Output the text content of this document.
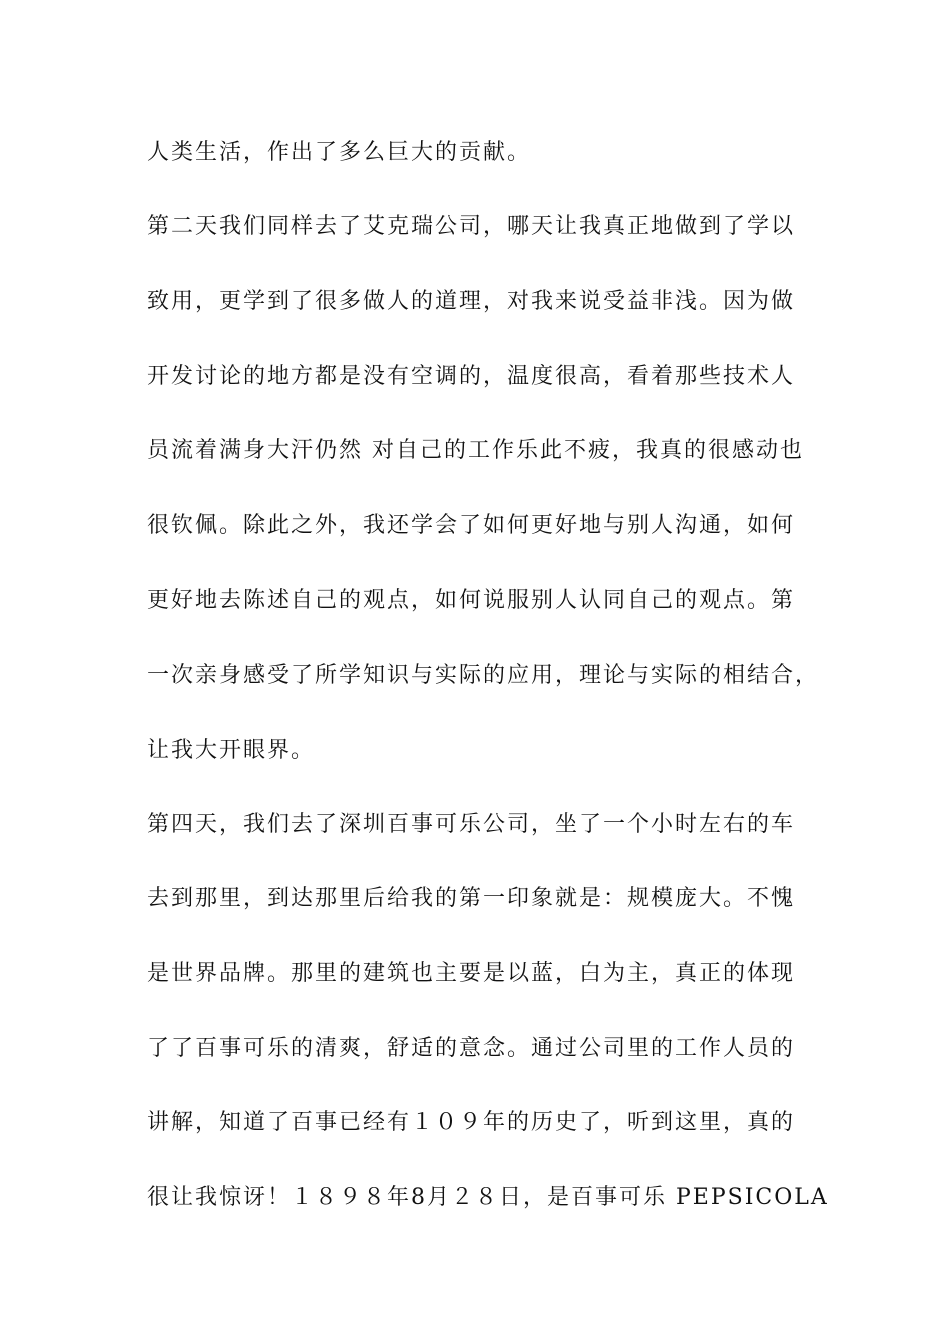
人类生活，作出了多么巨大的贡献。
第二天我们同样去了艾克瑞公司，哪天让我真正地做到了学以
致用，更学到了很多做人的道理，对我来说受益非浅。因为做
开发讨论的地方都是没有空调的，温度很高，看着那些技术人
员流着满身大汗仍然 对自己的工作乐此不疲，我真的很感动也
很钦佩。除此之外，我还学会了如何更好地与别人沟通，如何
更好地去陈述自己的观点，如何说服别人认同自己的观点。第
一次亲身感受了所学知识与实际的应用，理论与实际的相结合，
让我大开眼界。
第四天，我们去了深圳百事可乐公司，坐了一个小时左右的车
去到那里，到达那里后给我的第一印象就是：规模庞大。不愧
是世界品牌。那里的建筑也主要是以蓝，白为主，真正的体现
了了百事可乐的清爽，舒适的意念。通过公司里的工作人员的
讲解，知道了百事已经有１０９年的历史了，听到这里，真的
很让我惊讶！１８９８年8月２８日，是百事可乐 PEPSICOLA
